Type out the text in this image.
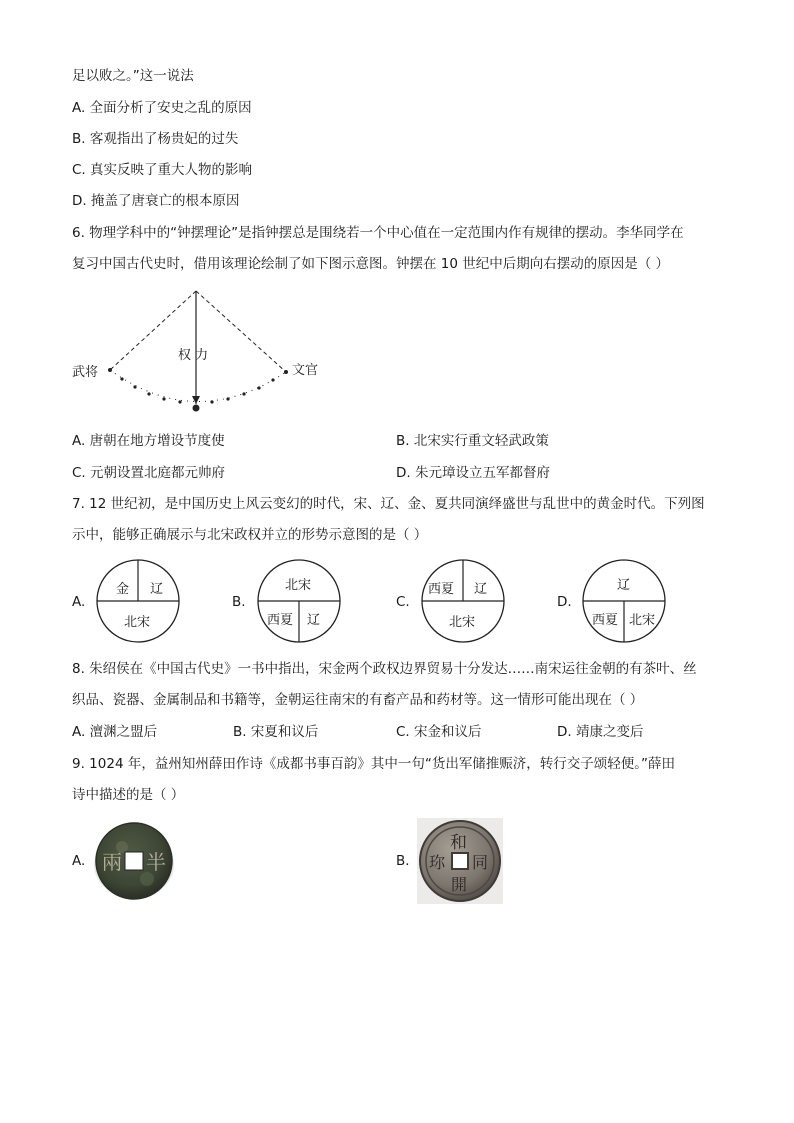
足以败之。”这一说法
A. 全面分析了安史之乱的原因
B. 客观指出了杨贵妃的过失
C. 真实反映了重大人物的影响
D. 掩盖了唐衰亡的根本原因
6. 物理学科中的“钟摆理论”是指钟摆总是围绕若一个中心值在一定范围内作有规律的摆动。李华同学在
复习中国古代史时，借用该理论绘制了如下图示意图。钟摆在 10 世纪中后期向右摆动的原因是（ ）
武将
权 力
文官
A. 唐朝在地方增设节度使	B. 北宋实行重文轻武政策
C. 元朝设置北庭都元帅府	D. 朱元璋设立五军都督府
7. 12 世纪初，是中国历史上风云变幻的时代，宋、辽、金、夏共同演绎盛世与乱世中的黄金时代。下列图
示中，能够正确展示与北宋政权并立的形势示意图的是（ ）
A.
金 辽
北宋
B.
北宋
西夏 辽
C.
西夏 辽
北宋
D.
辽
西夏 北宋
8. 朱绍侯在《中国古代史》一书中指出，宋金两个政权边界贸易十分发达……南宋运往金朝的有茶叶、丝
织品、瓷器、金属制品和书籍等，金朝运往南宋的有畜产品和药材等。这一情形可能出现在（ ）
A. 澶渊之盟后	B. 宋夏和议后	C. 宋金和议后	D. 靖康之变后
9. 1024 年，益州知州薛田作诗《成都书事百韵》其中一句“货出军储推赈济，转行交子颂轻便。”薛田
诗中描述的是（ ）
A. 兩 半	B.
和
同
開
珎
